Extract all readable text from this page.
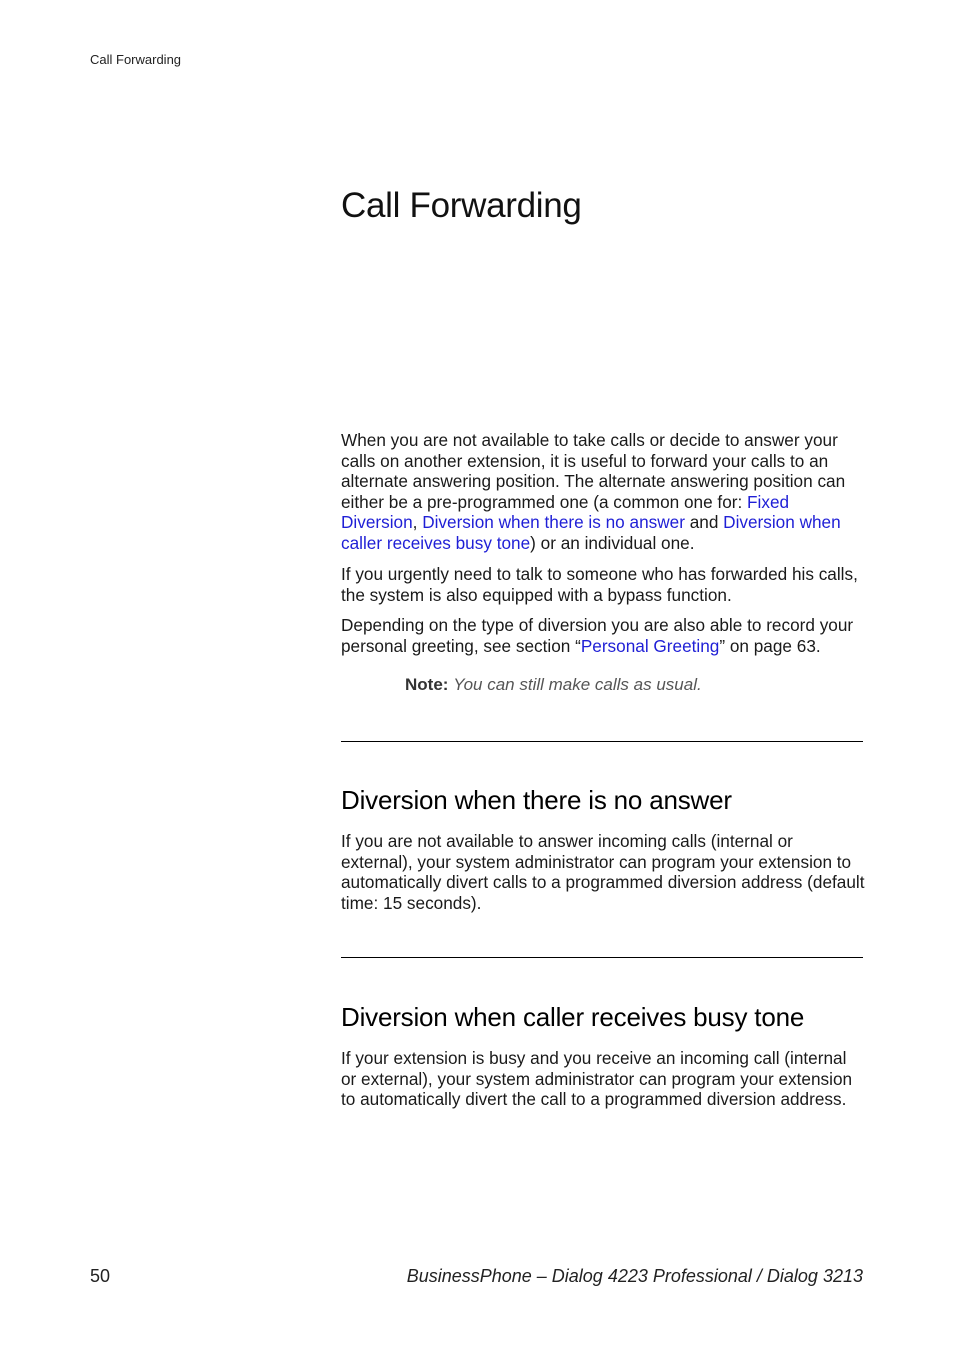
Call Forwarding
Call Forwarding

When you are not available to take calls or decide to answer your calls on another extension, it is useful to forward your calls to an alternate answering position. The alternate answering position can either be a pre-programmed one (a common one for: Fixed Diversion, Diversion when there is no answer and Diversion when caller receives busy tone) or an individual one.

If you urgently need to talk to someone who has forwarded his calls, the system is also equipped with a bypass function.

Depending on the type of diversion you are also able to record your personal greeting, see section “Personal Greeting” on page 63.

Note: You can still make calls as usual.
Diversion when there is no answer

If you are not available to answer incoming calls (internal or external), your system administrator can program your extension to automatically divert calls to a programmed diversion address (default time: 15 seconds).

Diversion when caller receives busy tone

If your extension is busy and you receive an incoming call (internal or external), your system administrator can program your extension to automatically divert the call to a programmed diversion address.

50	BusinessPhone – Dialog 4223 Professional / Dialog 3213
